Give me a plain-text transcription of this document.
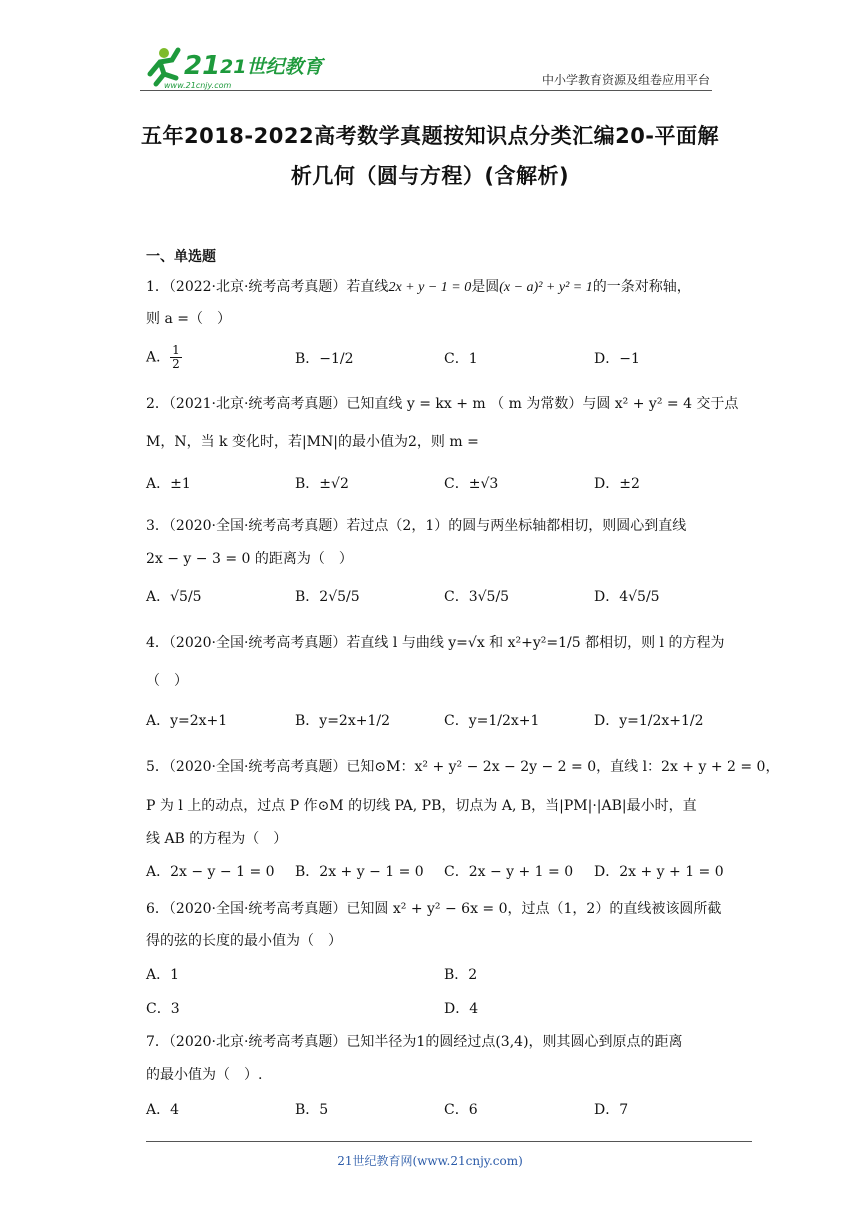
21 21世纪教育
www.21cnjy.com	中小学教育资源及组卷应用平台
五年2018-2022高考数学真题按知识点分类汇编20-平面解
析几何（圆与方程）(含解析)
一、单选题
1．（2022·北京·统考高考真题）若直线2x + y − 1 = 0是圆(x − a)² + y² = 1的一条对称轴，
则 a =（　）
A． $\frac{1}{2}$	B．−1/2	C．1	D．−1
2．（2021·北京·统考高考真题）已知直线 y = kx + m （ m 为常数）与圆 x² + y² = 4 交于点
M，N，当 k 变化时，若|MN|的最小值为2，则 m =
A．±1	B．±√2	C．±√3	D．±2
3．（2020·全国·统考高考真题）若过点（2，1）的圆与两坐标轴都相切，则圆心到直线
2x − y − 3 = 0 的距离为（　）
A．√5/5	B．2√5/5	C．3√5/5	D．4√5/5
4．（2020·全国·统考高考真题）若直线 l 与曲线 y=√x 和 x²+y²=1/5 都相切，则 l 的方程为
（　）
A．y=2x+1	B．y=2x+1/2	C．y=1/2x+1	D．y=1/2x+1/2
5．（2020·全国·统考高考真题）已知⊙M：x² + y² − 2x − 2y − 2 = 0，直线 l：2x + y + 2 = 0，
P 为 l 上的动点，过点 P 作⊙M 的切线 PA, PB，切点为 A, B，当|PM|·|AB|最小时，直
线 AB 的方程为（　）
A．2x − y − 1 = 0 B．2x + y − 1 = 0 C．2x − y + 1 = 0 D．2x + y + 1 = 0
6．（2020·全国·统考高考真题）已知圆 x² + y² − 6x = 0，过点（1，2）的直线被该圆所截
得的弦的长度的最小值为（　）
A．1	B．2
C．3	D．4
7．（2020·北京·统考高考真题）已知半径为1的圆经过点(3,4)，则其圆心到原点的距离
的最小值为（　）.
A．4	B．5	C．6	D．7
21世纪教育网(www.21cnjy.com)
